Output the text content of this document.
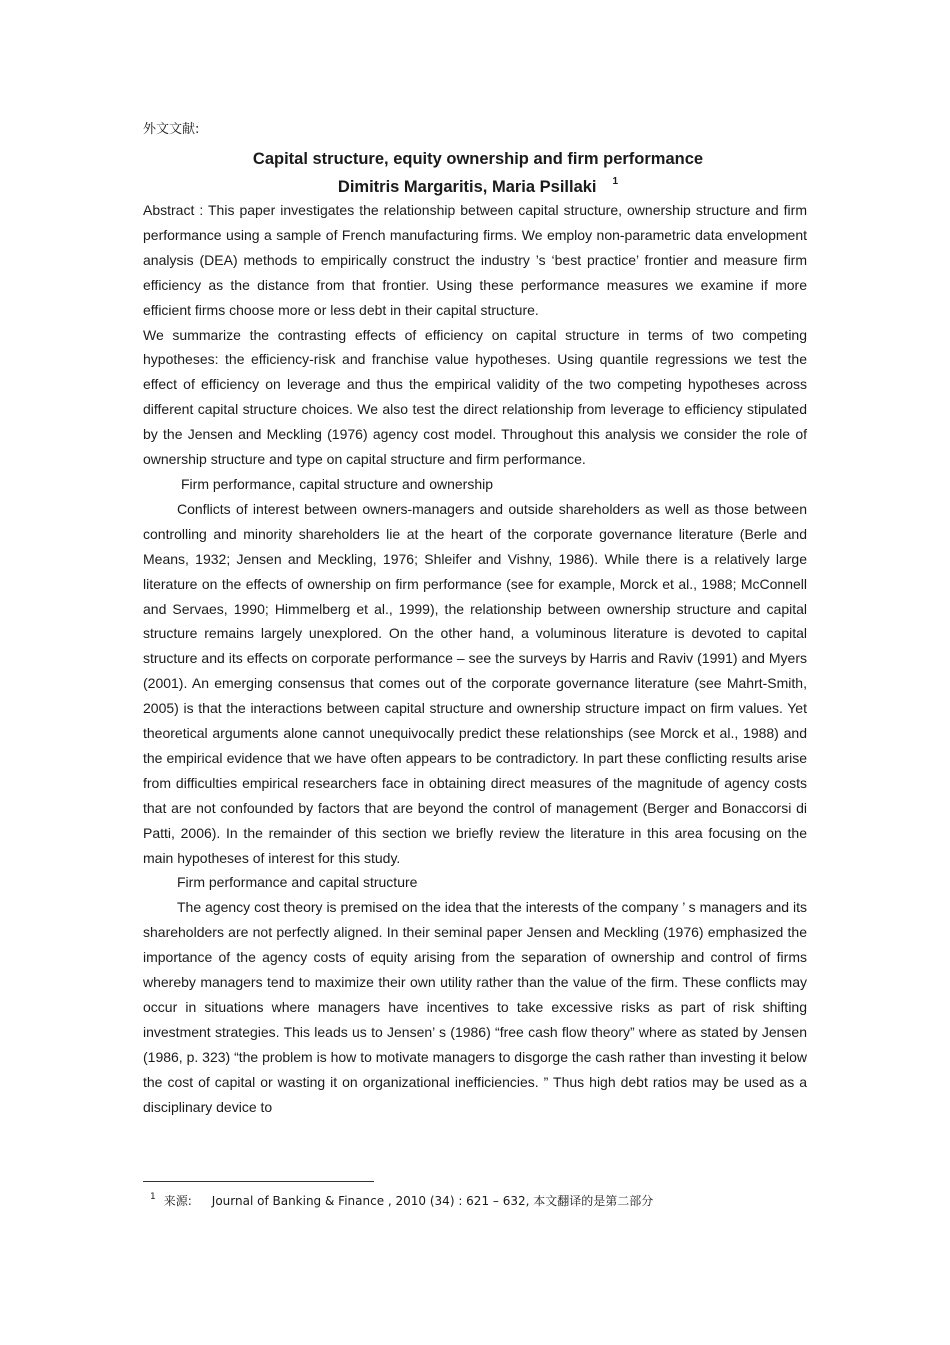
外文文献:
Capital structure, equity ownership and firm performance
Dimitris Margaritis, Maria Psillaki $^1$

Abstract : This paper investigates the relationship between capital structure, ownership structure and firm performance using a sample of French manufacturing firms. We employ non-parametric data envelopment analysis (DEA) methods to empirically construct the industry ’s ‘best practice’ frontier and measure firm efficiency as the distance from that frontier. Using these performance measures we examine if more efficient firms choose more or less debt in their capital structure.

We summarize the contrasting effects of efficiency on capital structure in terms of two competing hypotheses: the efficiency-risk and franchise value hypotheses. Using quantile regressions we test the effect of efficiency on leverage and thus the empirical validity of the two competing hypotheses across different capital structure choices. We also test the direct relationship from leverage to efficiency stipulated by the Jensen and Meckling (1976) agency cost model. Throughout this analysis we consider the role of ownership structure and type on capital structure and firm performance.

Firm performance, capital structure and ownership

Conflicts of interest between owners-managers and outside shareholders as well as those between controlling and minority shareholders lie at the heart of the corporate governance literature (Berle and Means, 1932; Jensen and Meckling, 1976; Shleifer and Vishny, 1986). While there is a relatively large literature on the effects of ownership on firm performance (see for example, Morck et al., 1988; McConnell and Servaes, 1990; Himmelberg et al., 1999), the relationship between ownership structure and capital structure remains largely unexplored. On the other hand, a voluminous literature is devoted to capital structure and its effects on corporate performance – see the surveys by Harris and Raviv (1991) and Myers (2001). An emerging consensus that comes out of the corporate governance literature (see Mahrt-Smith, 2005) is that the interactions between capital structure and ownership structure impact on firm values. Yet theoretical arguments alone cannot unequivocally predict these relationships (see Morck et al., 1988) and the empirical evidence that we have often appears to be contradictory. In part these conflicting results arise from difficulties empirical researchers face in obtaining direct measures of the magnitude of agency costs that are not confounded by factors that are beyond the control of management (Berger and Bonaccorsi di Patti, 2006). In the remainder of this section we briefly review the literature in this area focusing on the main hypotheses of interest for this study.

Firm performance and capital structure

The agency cost theory is premised on the idea that the interests of the company ’ s managers and its shareholders are not perfectly aligned. In their seminal paper Jensen and Meckling (1976) emphasized the importance of the agency costs of equity arising from the separation of ownership and control of firms whereby managers tend to maximize their own utility rather than the value of the firm. These conflicts may occur in situations where managers have incentives to take excessive risks as part of risk shifting investment strategies. This leads us to Jensen’ s (1986) “free cash flow theory” where as stated by Jensen (1986, p. 323) “the problem is how to motivate managers to disgorge the cash rather than investing it below the cost of capital or wasting it on organizational inefficiencies. ” Thus high debt ratios may be used as a disciplinary device to

$^1$ 来源: Journal of Banking & Finance , 2010 (34) : 621 – 632, 本文翻译的是第二部分
